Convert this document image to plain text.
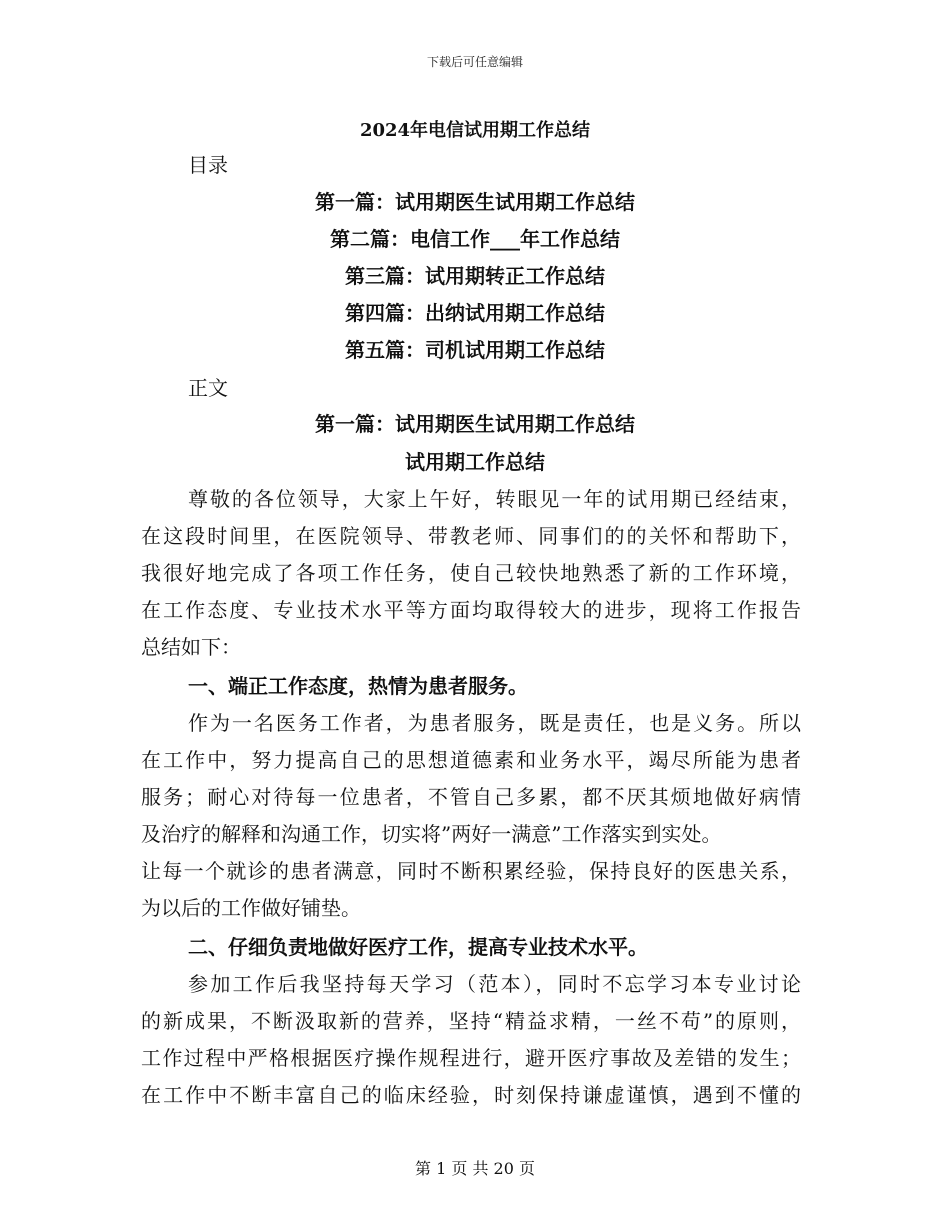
下载后可任意编辑
2024年电信试用期工作总结
目录
第一篇：试用期医生试用期工作总结
第二篇：电信工作___年工作总结
第三篇：试用期转正工作总结
第四篇：出纳试用期工作总结
第五篇：司机试用期工作总结
正文
第一篇：试用期医生试用期工作总结
试用期工作总结
尊敬的各位领导，大家上午好，转眼见一年的试用期已经结束，
在这段时间里，在医院领导、带教老师、同事们的的关怀和帮助下，
我很好地完成了各项工作任务，使自己较快地熟悉了新的工作环境，
在工作态度、专业技术水平等方面均取得较大的进步，现将工作报告
总结如下：
一、端正工作态度，热情为患者服务。
作为一名医务工作者，为患者服务，既是责任，也是义务。所以
在工作中，努力提高自己的思想道德素和业务水平，竭尽所能为患者
服务；耐心对待每一位患者，不管自己多累，都不厌其烦地做好病情
及治疗的解释和沟通工作，切实将”两好一满意”工作落实到实处。
让每一个就诊的患者满意，同时不断积累经验，保持良好的医患关系，
为以后的工作做好铺垫。
二、仔细负责地做好医疗工作，提高专业技术水平。
参加工作后我坚持每天学习（范本），同时不忘学习本专业讨论
的新成果，不断汲取新的营养，坚持“精益求精，一丝不苟”的原则，
工作过程中严格根据医疗操作规程进行，避开医疗事故及差错的发生；
在工作中不断丰富自己的临床经验，时刻保持谦虚谨慎，遇到不懂的
第 1 页 共 20 页
